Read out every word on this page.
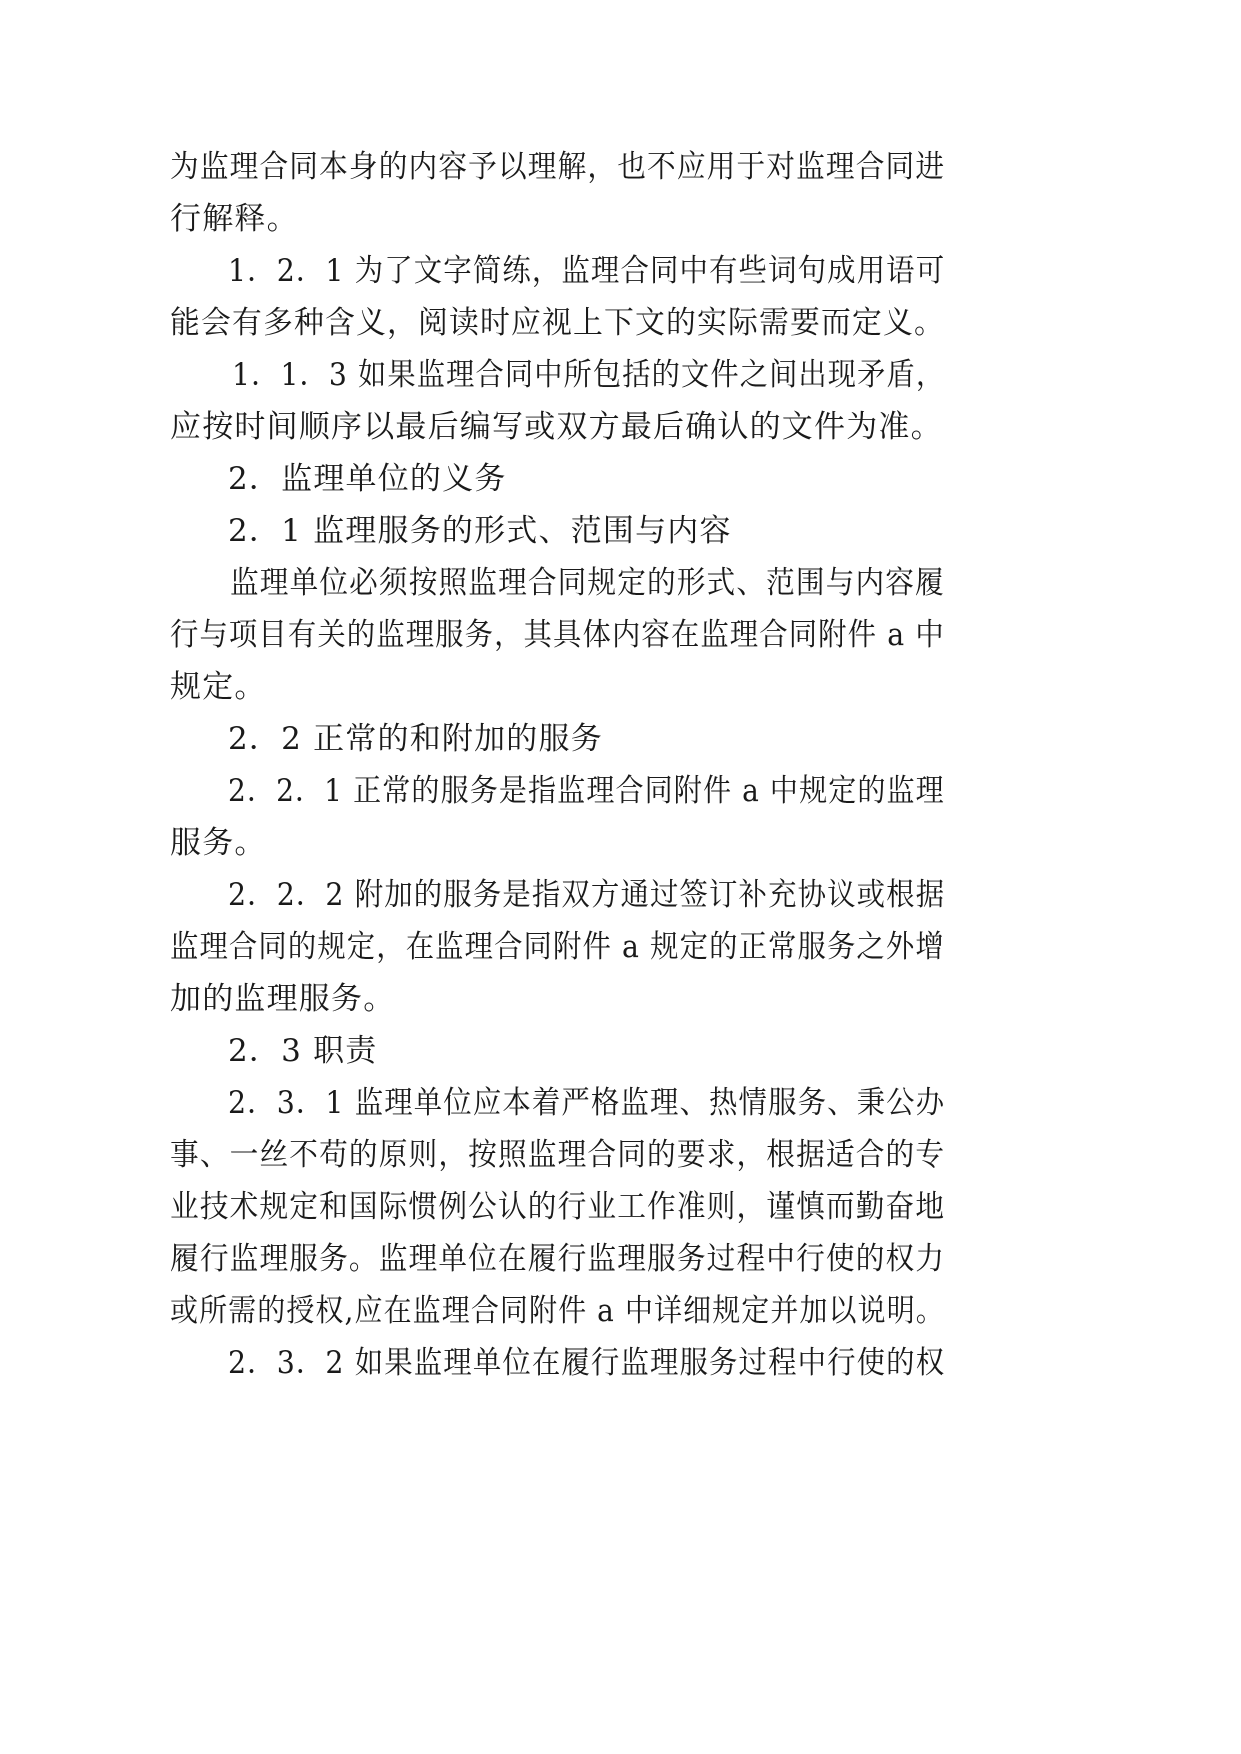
为监理合同本身的内容予以理解，也不应用于对监理合同进
行解释。
1．2．1 为了文字简练，监理合同中有些词句成用语可
能会有多种含义，阅读时应视上下文的实际需要而定义。
1．1．3 如果监理合同中所包括的文件之间出现矛盾，
应按时间顺序以最后编写或双方最后确认的文件为准。
2．监理单位的义务
2．1 监理服务的形式、范围与内容
监理单位必须按照监理合同规定的形式、范围与内容履
行与项目有关的监理服务，其具体内容在监理合同附件 a 中
规定。
2．2 正常的和附加的服务
2．2．1 正常的服务是指监理合同附件 a 中规定的监理
服务。
2．2．2 附加的服务是指双方通过签订补充协议或根据
监理合同的规定，在监理合同附件 a 规定的正常服务之外增
加的监理服务。
2．3 职责
2．3．1 监理单位应本着严格监理、热情服务、秉公办
事、一丝不苟的原则，按照监理合同的要求，根据适合的专
业技术规定和国际惯例公认的行业工作准则，谨慎而勤奋地
履行监理服务。监理单位在履行监理服务过程中行使的权力
或所需的授权,应在监理合同附件 a 中详细规定并加以说明。
2．3．2 如果监理单位在履行监理服务过程中行使的权
